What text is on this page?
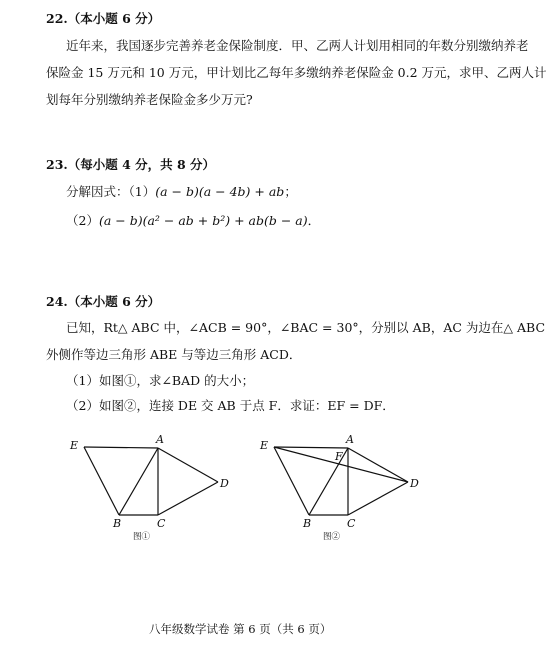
22.（本小题 6 分）
近年来，我国逐步完善养老金保险制度．甲、乙两人计划用相同的年数分别缴纳养老
保险金 15 万元和 10 万元，甲计划比乙每年多缴纳养老保险金 0.2 万元，求甲、乙两人计
划每年分别缴纳养老保险金多少万元?
23.（每小题 4 分，共 8 分）
分解因式：（1）(a − b)(a − 4b) + ab；
（2）(a − b)(a² − ab + b²) + ab(b − a)．
24.（本小题 6 分）
已知，Rt△ ABC 中，∠ACB = 90°，∠BAC = 30°，分别以 AB，AC 为边在△ ABC
外侧作等边三角形 ABE 与等边三角形 ACD．
（1）如图①，求∠BAD 的大小；
（2）如图②，连接 DE 交 AB 于点 F．求证：EF = DF．
E	A
D
B	C
图①
E	A
F
D
B	C
图②
八年级数学试卷 第 6 页（共 6 页）
